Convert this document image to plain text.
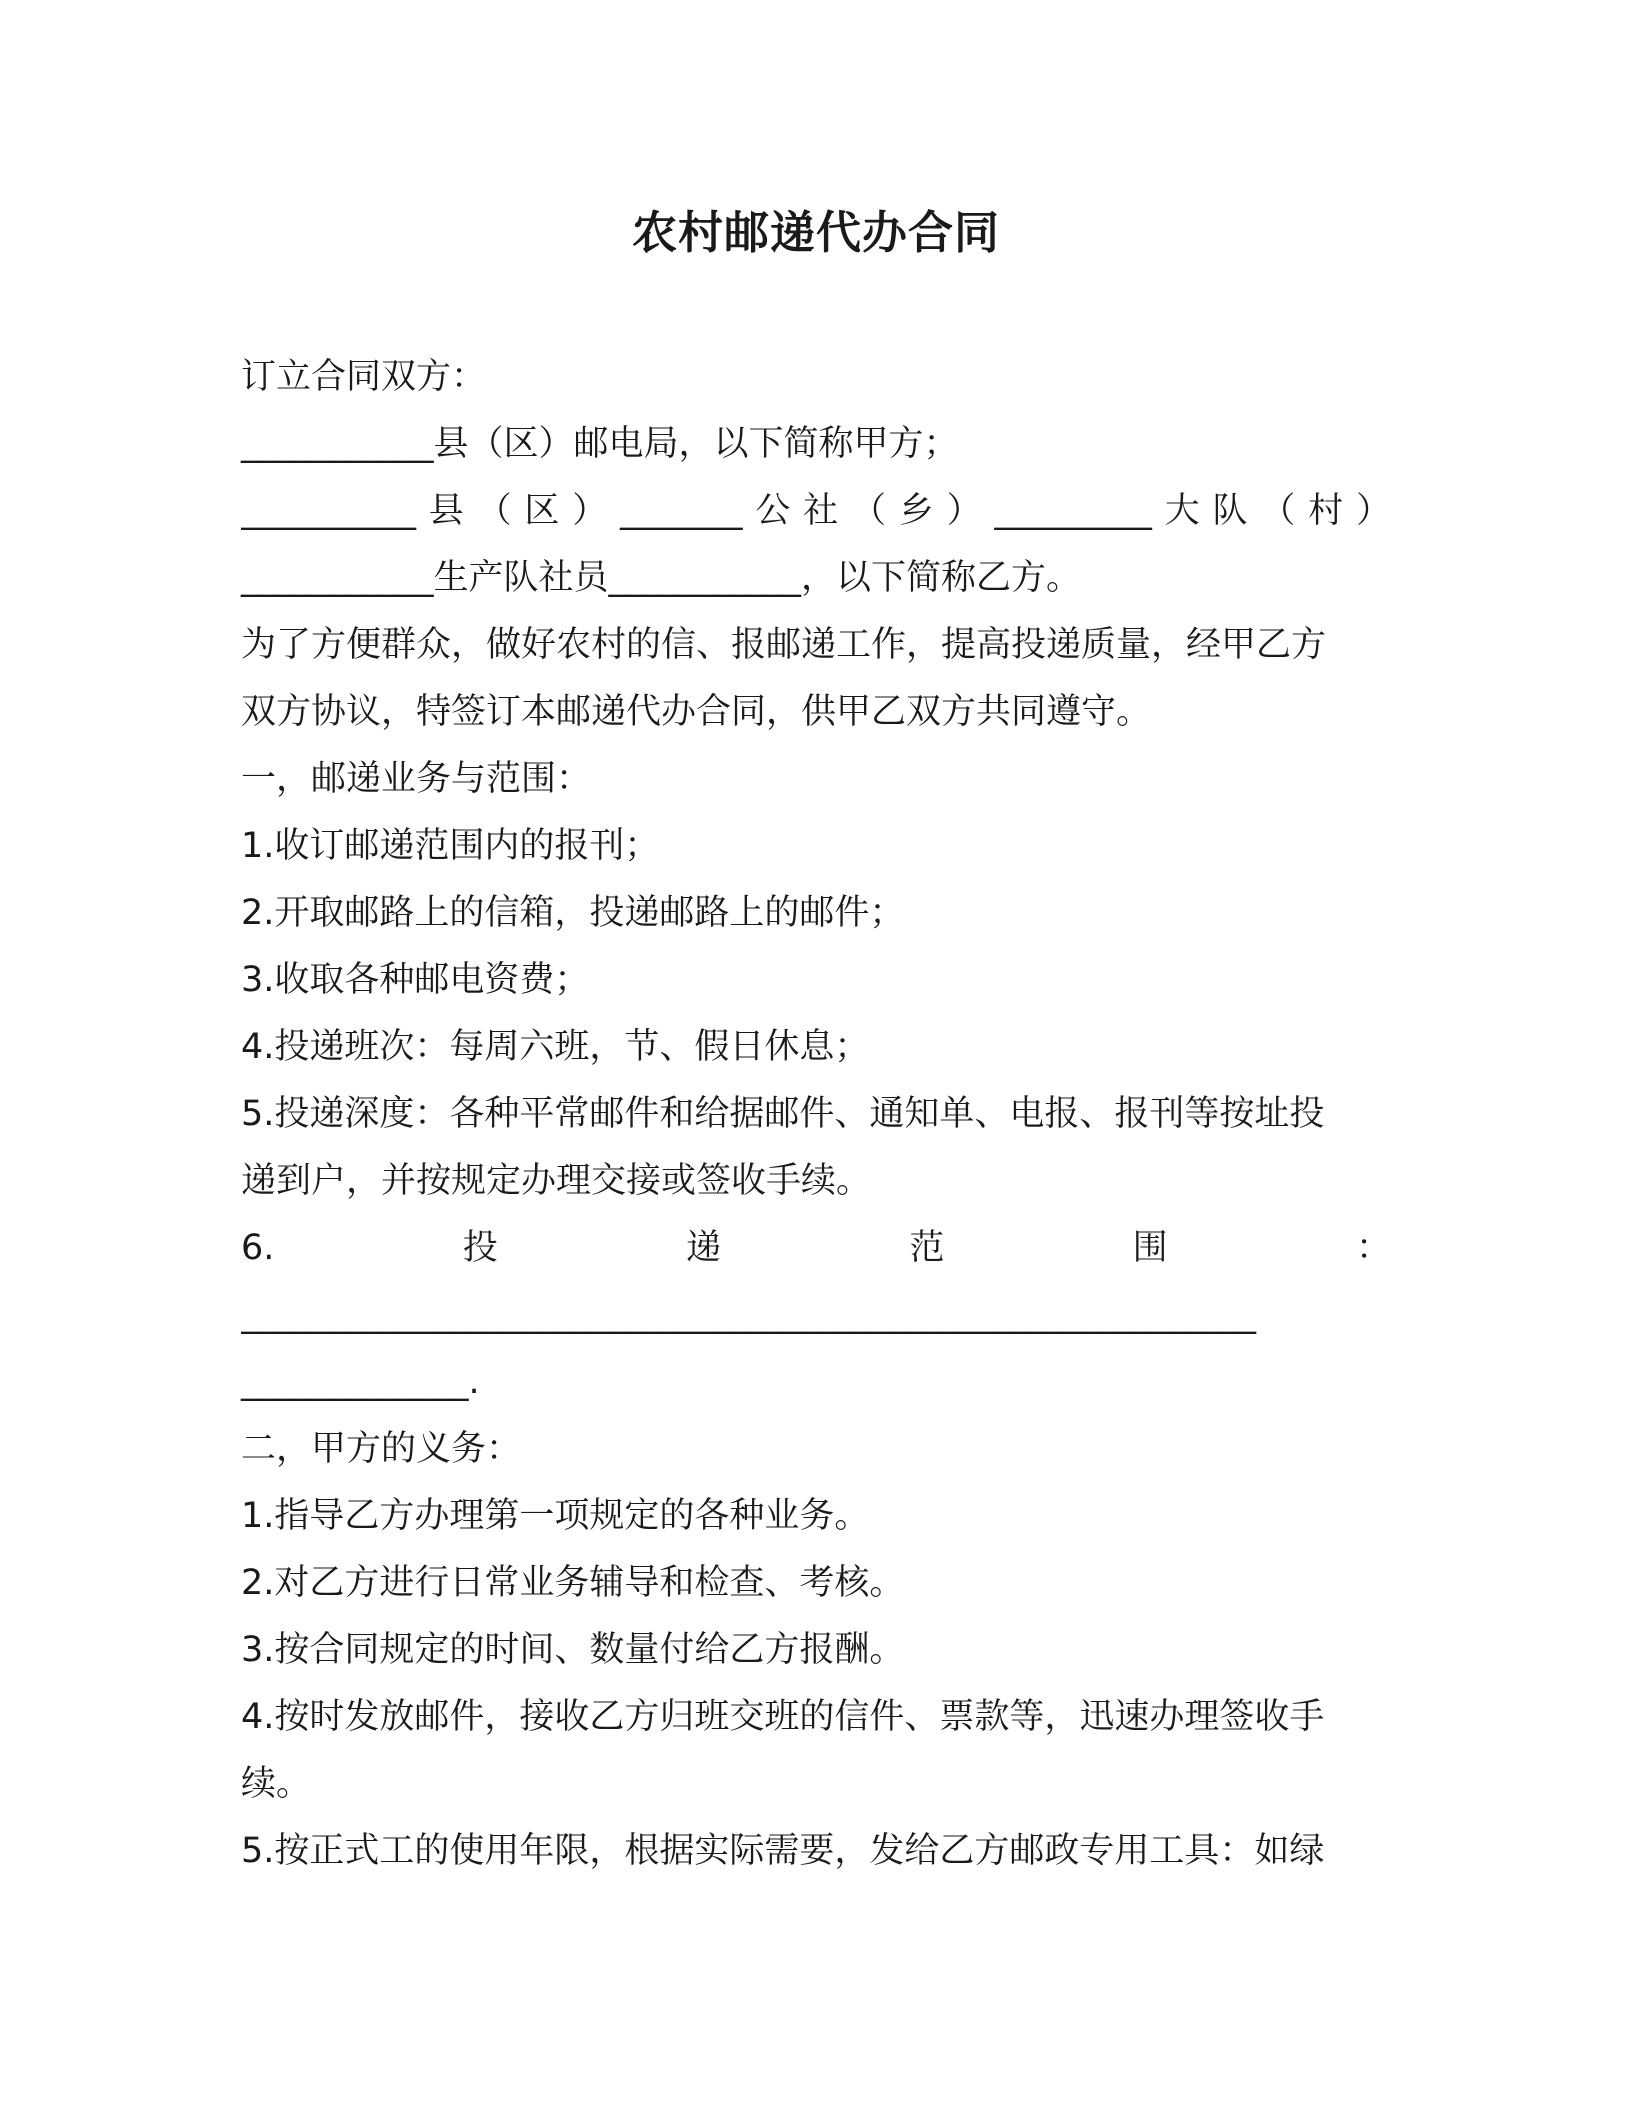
农村邮递代办合同
订立合同双方：
___________县（区）邮电局，以下简称甲方；
__________县（区）_______公社（乡）_________大队（村）
___________生产队社员___________，以下简称乙方。
为了方便群众，做好农村的信、报邮递工作，提高投递质量，经甲乙方
双方协议，特签订本邮递代办合同，供甲乙双方共同遵守。
一，邮递业务与范围：
1.收订邮递范围内的报刊；
2.开取邮路上的信箱，投递邮路上的邮件；
3.收取各种邮电资费；
4.投递班次：每周六班，节、假日休息；
5.投递深度：各种平常邮件和给据邮件、通知单、电报、报刊等按址投
递到户，并按规定办理交接或签收手续。
6.投递范围：
__________________________________________________________
_____________.
二，甲方的义务：
1.指导乙方办理第一项规定的各种业务。
2.对乙方进行日常业务辅导和检查、考核。
3.按合同规定的时间、数量付给乙方报酬。
4.按时发放邮件，接收乙方归班交班的信件、票款等，迅速办理签收手
续。
5.按正式工的使用年限，根据实际需要，发给乙方邮政专用工具：如绿
